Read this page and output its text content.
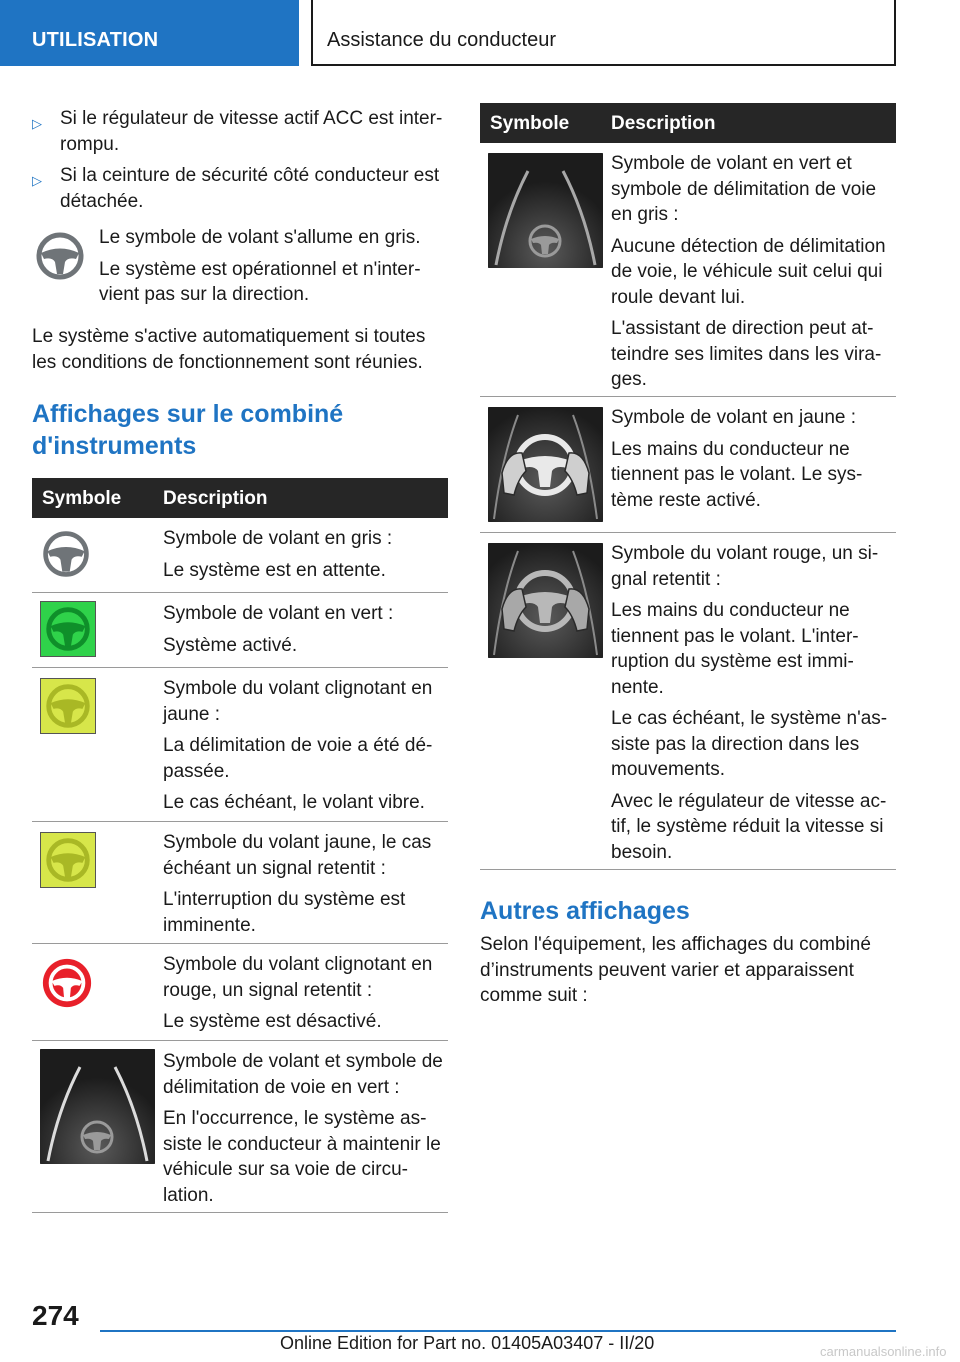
UTILISATION	Assistance du conducteur
▷ Si le régulateur de vitesse actif ACC est interrompu.
▷ Si la ceinture de sécurité côté conducteur est détachée.

Le symbole de volant s'allume en gris.

Le système est opérationnel et n'intervient pas sur la direction.

Le système s'active automatiquement si toutes les conditions de fonctionnement sont réunies.

Affichages sur le combiné
d'instruments
Symbole Description

Symbole de volant en gris :

Le système est en attente.

Symbole de volant en vert :

Système activé.

Symbole du volant clignotant en jaune :

La délimitation de voie a été dépassée.

Le cas échéant, le volant vibre.

Symbole du volant jaune, le cas échéant un signal retentit :

L'interruption du système est imminente.

Symbole du volant clignotant en rouge, un signal retentit :

Le système est désactivé.

Symbole de volant et symbole de délimitation de voie en vert :

En l'occurrence, le système assiste le conducteur à maintenir le véhicule sur sa voie de circulation.

Symbole Description

Symbole de volant en vert et symbole de délimitation de voie en gris :

Aucune détection de délimitation de voie, le véhicule suit celui qui roule devant lui.

L'assistant de direction peut atteindre ses limites dans les virages.

Symbole de volant en jaune :

Les mains du conducteur ne tiennent pas le volant. Le système reste activé.

Symbole du volant rouge, un signal retentit :

Les mains du conducteur ne tiennent pas le volant. L'interruption du système est imminente.

Le cas échéant, le système n'assiste pas la direction dans les mouvements.

Avec le régulateur de vitesse actif, le système réduit la vitesse si besoin.

Autres affichages

Selon l'équipement, les affichages du combiné d’instruments peuvent varier et apparaissent comme suit :

274
Online Edition for Part no. 01405A03407 - II/20	carmanualsonline.info
